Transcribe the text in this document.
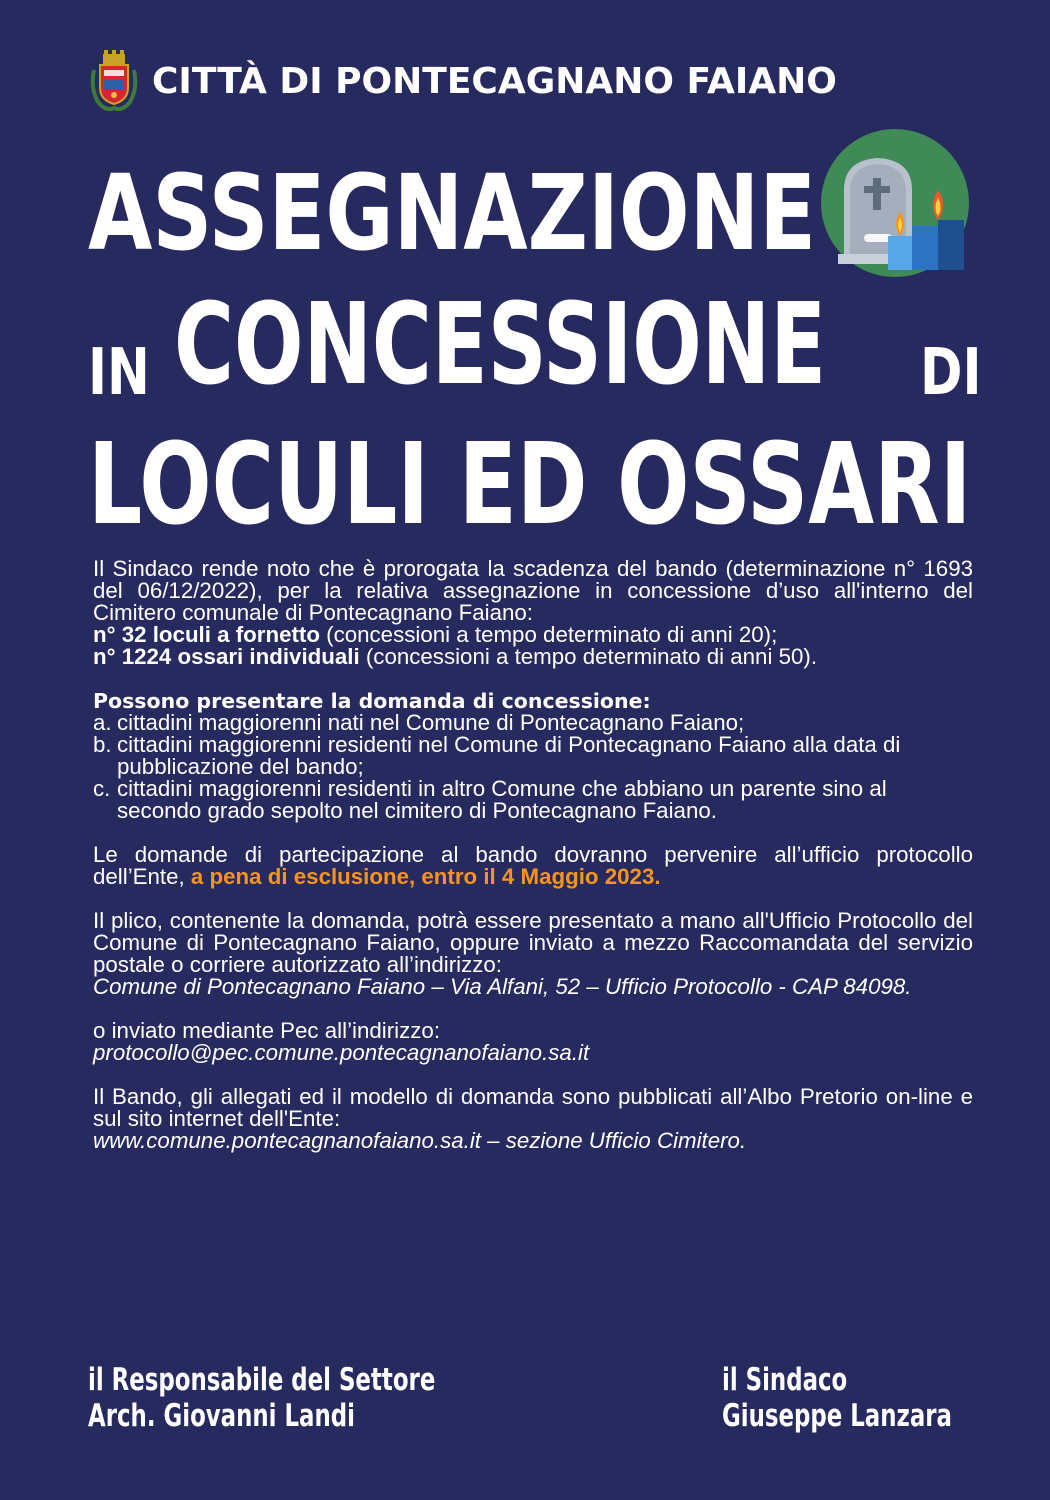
CITTÀ DI PONTECAGNANO FAIANO
ASSEGNAZIONE
IN CONCESSIONE DI
LOCULI ED OSSARI
Il Sindaco rende noto che è prorogata la scadenza del bando (determinazione n° 1693 del 06/12/2022), per la relativa assegnazione in concessione d’uso all'interno del Cimitero comunale di Pontecagnano Faiano:
n° 32 loculi a fornetto (concessioni a tempo determinato di anni 20);
n° 1224 ossari individuali (concessioni a tempo determinato di anni 50).
Possono presentare la domanda di concessione:
a. cittadini maggiorenni nati nel Comune di Pontecagnano Faiano;
b. cittadini maggiorenni residenti nel Comune di Pontecagnano Faiano alla data di pubblicazione del bando;
c. cittadini maggiorenni residenti in altro Comune che abbiano un parente sino al secondo grado sepolto nel cimitero di Pontecagnano Faiano.
Le domande di partecipazione al bando dovranno pervenire all’ufficio protocollo dell’Ente, a pena di esclusione, entro il 4 Maggio 2023.
Il plico, contenente la domanda, potrà essere presentato a mano all'Ufficio Protocollo del Comune di Pontecagnano Faiano, oppure inviato a mezzo Raccomandata del servizio postale o corriere autorizzato all’indirizzo:
Comune di Pontecagnano Faiano – Via Alfani, 52 – Ufficio Protocollo - CAP 84098.
o inviato mediante Pec all’indirizzo:
protocollo@pec.comune.pontecagnanofaiano.sa.it
Il Bando, gli allegati ed il modello di domanda sono pubblicati all’Albo Pretorio on-line e sul sito internet dell'Ente:
www.comune.pontecagnanofaiano.sa.it – sezione Ufficio Cimitero.
il Responsabile del Settore
Arch. Giovanni Landi
il Sindaco
Giuseppe Lanzara
